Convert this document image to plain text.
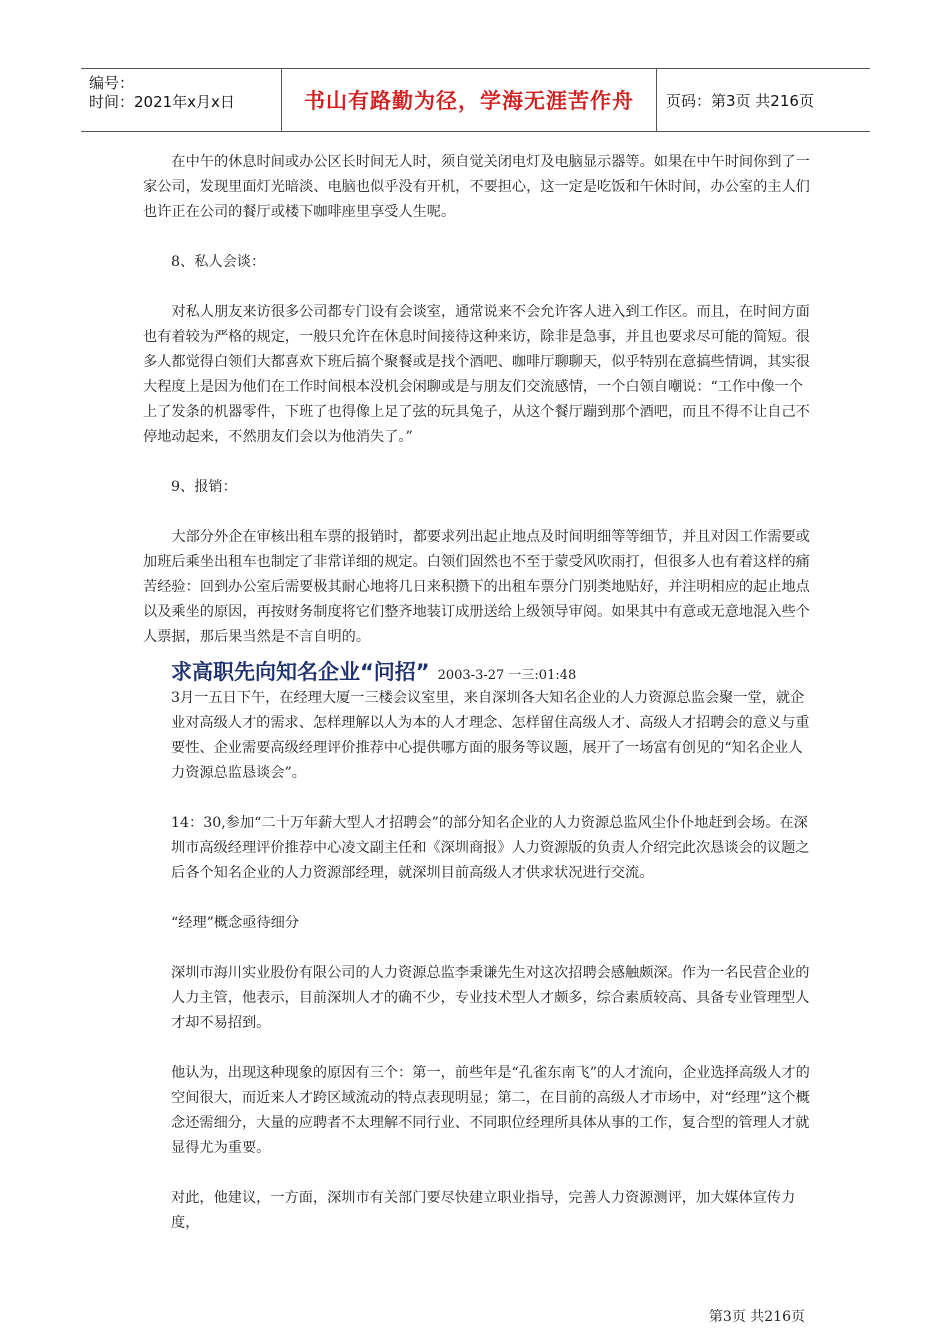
编号：
时间：2021年x月x日	书山有路勤为径，学海无涯苦作舟	页码：第3页 共216页

在中午的休息时间或办公区长时间无人时，须自觉关闭电灯及电脑显示器等。如果在中午时间你到了一家公司，发现里面灯光暗淡、电脑也似乎没有开机，不要担心，这一定是吃饭和午休时间，办公室的主人们也许正在公司的餐厅或楼下咖啡座里享受人生呢。

8、私人会谈：

对私人朋友来访很多公司都专门设有会谈室，通常说来不会允许客人进入到工作区。而且，在时间方面也有着较为严格的规定，一般只允许在休息时间接待这种来访，除非是急事，并且也要求尽可能的简短。很多人都觉得白领们大都喜欢下班后搞个聚餐或是找个酒吧、咖啡厅聊聊天，似乎特别在意搞些情调，其实很大程度上是因为他们在工作时间根本没机会闲聊或是与朋友们交流感情，一个白领自嘲说：“工作中像一个上了发条的机器零件，下班了也得像上足了弦的玩具兔子，从这个餐厅蹦到那个酒吧，而且不得不让自己不停地动起来，不然朋友们会以为他消失了。”

9、报销：

大部分外企在审核出租车票的报销时，都要求列出起止地点及时间明细等等细节，并且对因工作需要或加班后乘坐出租车也制定了非常详细的规定。白领们固然也不至于蒙受风吹雨打，但很多人也有着这样的痛苦经验：回到办公室后需要极其耐心地将几日来积攒下的出租车票分门别类地贴好，并注明相应的起止地点以及乘坐的原因，再按财务制度将它们整齐地装订成册送给上级领导审阅。如果其中有意或无意地混入些个人票据，那后果当然是不言自明的。

求高职先向知名企业“问招” 2003-3-27 一三:01:48

3月一五日下午，在经理大厦一三楼会议室里，来自深圳各大知名企业的人力资源总监会聚一堂，就企业对高级人才的需求、怎样理解以人为本的人才理念、怎样留住高级人才、高级人才招聘会的意义与重要性、企业需要高级经理评价推荐中心提供哪方面的服务等议题，展开了一场富有创见的“知名企业人力资源总监恳谈会”。

14：30,参加“二十万年薪大型人才招聘会”的部分知名企业的人力资源总监风尘仆仆地赶到会场。在深圳市高级经理评价推荐中心凌文副主任和《深圳商报》人力资源版的负责人介绍完此次恳谈会的议题之后各个知名企业的人力资源部经理，就深圳目前高级人才供求状况进行交流。

“经理”概念亟待细分

深圳市海川实业股份有限公司的人力资源总监李秉谦先生对这次招聘会感触颇深。作为一名民营企业的人力主管，他表示，目前深圳人才的确不少，专业技术型人才颇多，综合素质较高、具备专业管理型人才却不易招到。

他认为，出现这种现象的原因有三个：第一，前些年是“孔雀东南飞”的人才流向，企业选择高级人才的空间很大，而近来人才跨区域流动的特点表现明显；第二，在目前的高级人才市场中，对“经理”这个概念还需细分，大量的应聘者不太理解不同行业、不同职位经理所具体从事的工作，复合型的管理人才就显得尤为重要。

对此，他建议，一方面，深圳市有关部门要尽快建立职业指导，完善人力资源测评，加大媒体宣传力度，

第3页 共216页
